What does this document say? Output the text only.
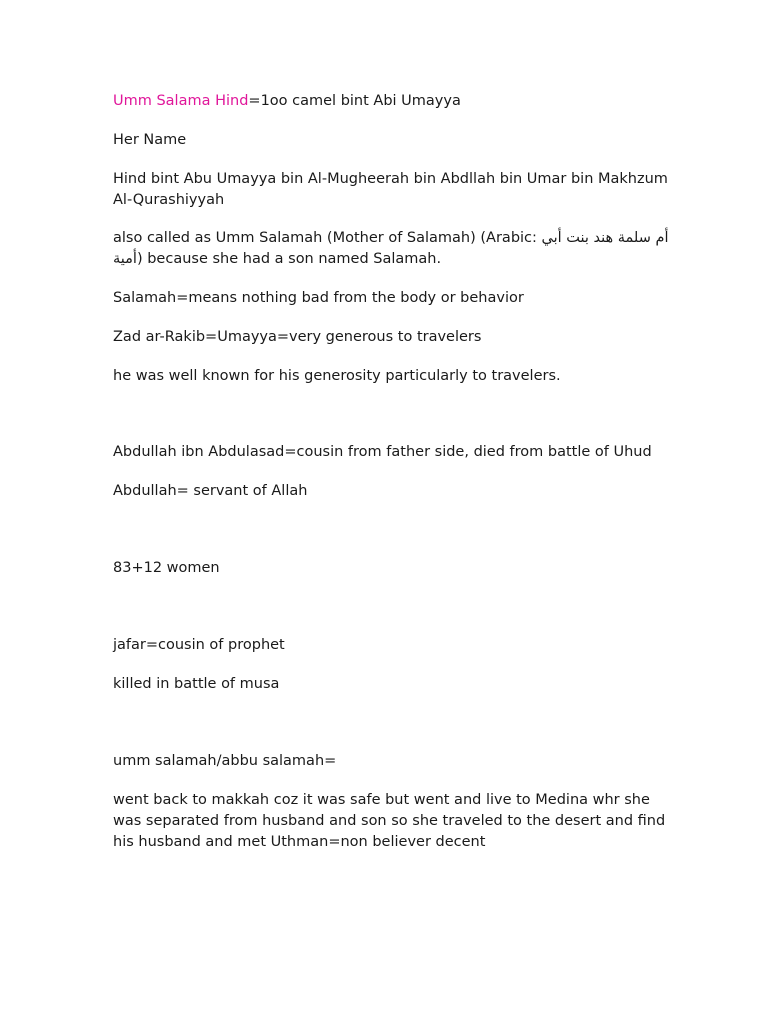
Umm Salama Hind=1oo camel bint Abi Umayya

Her Name

Hind bint Abu Umayya bin Al-Mugheerah bin Abdllah bin Umar bin Makhzum Al-Qurashiyyah

also called as Umm Salamah (Mother of Salamah) (Arabic: أم سلمة هند بنت أبي أمية) because she had a son named Salamah.

Salamah=means nothing bad from the body or behavior

Zad ar-Rakib=Umayya=very generous to travelers

he was well known for his generosity particularly to travelers.

Abdullah ibn Abdulasad=cousin from father side, died from battle of Uhud

Abdullah= servant of Allah

83+12 women

jafar=cousin of prophet

killed in battle of musa

umm salamah/abbu salamah=

went back to makkah coz it was safe but went and live to Medina whr she was separated from husband and son so she traveled to the desert and find his husband and met Uthman=non believer decent
